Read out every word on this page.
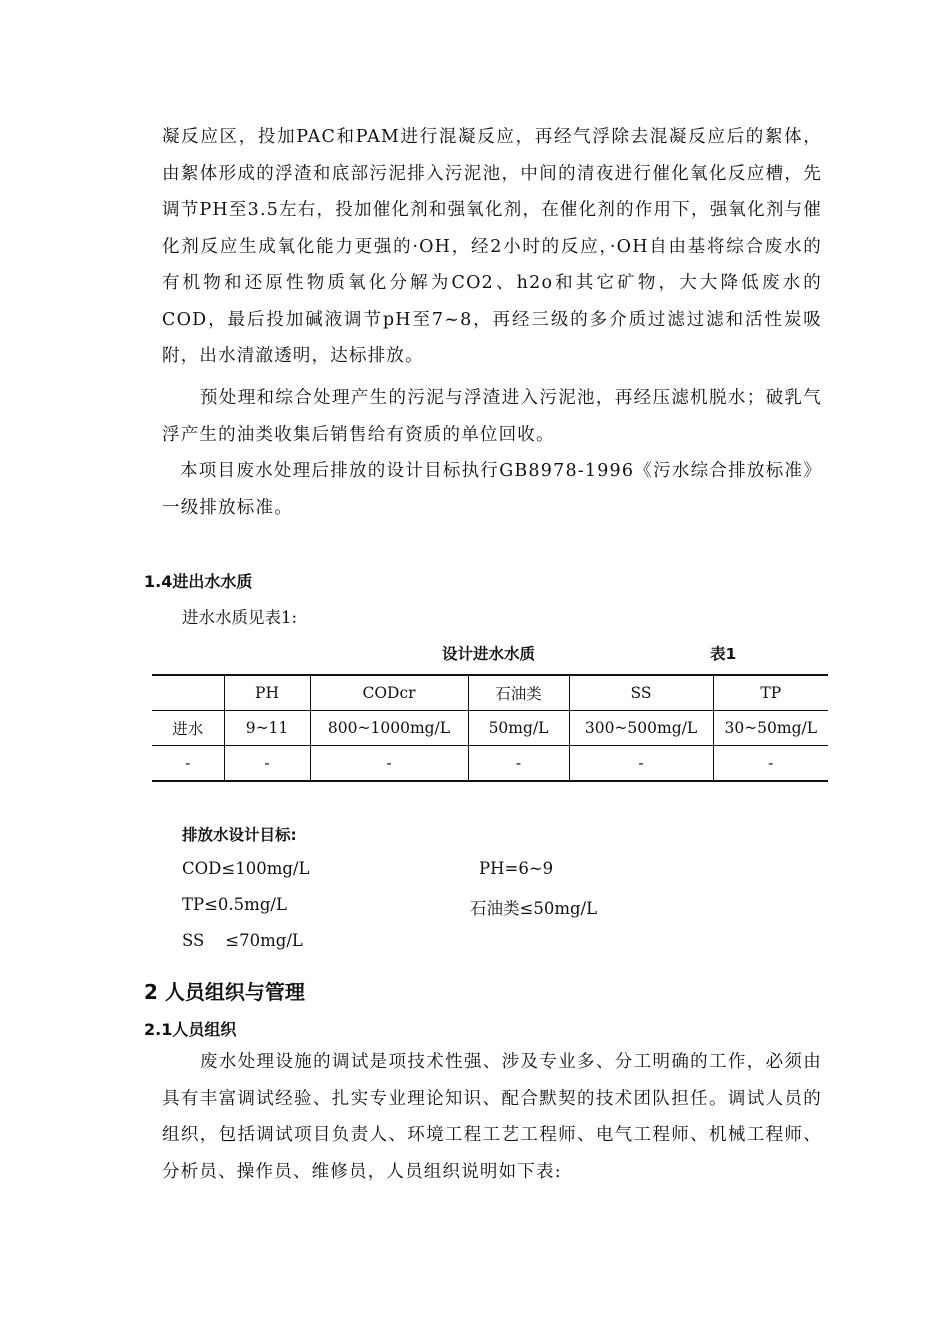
凝反应区，投加PAC和PAM进行混凝反应，再经气浮除去混凝反应后的絮体，由絮体形成的浮渣和底部污泥排入污泥池，中间的清夜进行催化氧化反应槽，先调节PH至3.5左右，投加催化剂和强氧化剂，在催化剂的作用下，强氧化剂与催化剂反应生成氧化能力更强的·OH，经2小时的反应，·OH自由基将综合废水的有机物和还原性物质氧化分解为CO2、h2o和其它矿物，大大降低废水的COD，最后投加碱液调节pH至7~8，再经三级的多介质过滤过滤和活性炭吸附，出水清澈透明，达标排放。

预处理和综合处理产生的污泥与浮渣进入污泥池，再经压滤机脱水；破乳气浮产生的油类收集后销售给有资质的单位回收。

本项目废水处理后排放的设计目标执行GB8978-1996《污水综合排放标准》一级排放标准。

1.4进出水水质

进水水质见表1:

设计进水水质	表1

	PH	CODcr	石油类	SS	TP
进水	9~11	800~1000mg/L	50mg/L	300~500mg/L	30~50mg/L
-	-	-	-	-	-

排放水设计目标:

COD≤100mg/L	PH=6~9

TP≤0.5mg/L	石油类≤50mg/L

SS    ≤70mg/L

2 人员组织与管理
2.1人员组织

废水处理设施的调试是项技术性强、涉及专业多、分工明确的工作，必须由具有丰富调试经验、扎实专业理论知识、配合默契的技术团队担任。调试人员的组织，包括调试项目负责人、环境工程工艺工程师、电气工程师、机械工程师、分析员、操作员、维修员，人员组织说明如下表:
